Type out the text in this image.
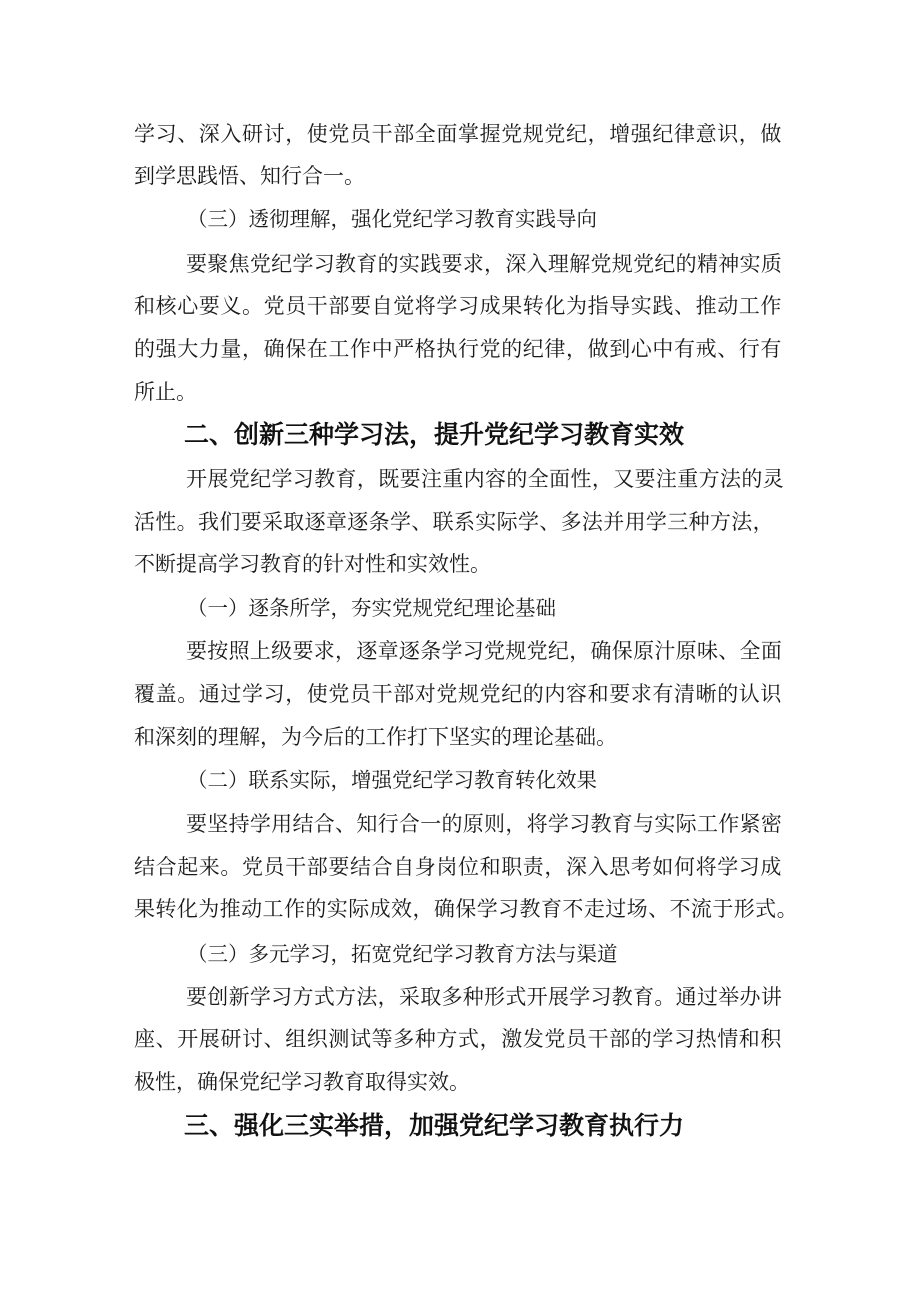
学习、深入研讨，使党员干部全面掌握党规党纪，增强纪律意识，做
到学思践悟、知行合一。
（三）透彻理解，强化党纪学习教育实践导向
要聚焦党纪学习教育的实践要求，深入理解党规党纪的精神实质
和核心要义。党员干部要自觉将学习成果转化为指导实践、推动工作
的强大力量，确保在工作中严格执行党的纪律，做到心中有戒、行有
所止。
二、创新三种学习法，提升党纪学习教育实效
开展党纪学习教育，既要注重内容的全面性，又要注重方法的灵
活性。我们要采取逐章逐条学、联系实际学、多法并用学三种方法，
不断提高学习教育的针对性和实效性。
（一）逐条所学，夯实党规党纪理论基础
要按照上级要求，逐章逐条学习党规党纪，确保原汁原味、全面
覆盖。通过学习，使党员干部对党规党纪的内容和要求有清晰的认识
和深刻的理解，为今后的工作打下坚实的理论基础。
（二）联系实际，增强党纪学习教育转化效果
要坚持学用结合、知行合一的原则，将学习教育与实际工作紧密
结合起来。党员干部要结合自身岗位和职责，深入思考如何将学习成
果转化为推动工作的实际成效，确保学习教育不走过场、不流于形式。
（三）多元学习，拓宽党纪学习教育方法与渠道
要创新学习方式方法，采取多种形式开展学习教育。通过举办讲
座、开展研讨、组织测试等多种方式，激发党员干部的学习热情和积
极性，确保党纪学习教育取得实效。
三、强化三实举措，加强党纪学习教育执行力
